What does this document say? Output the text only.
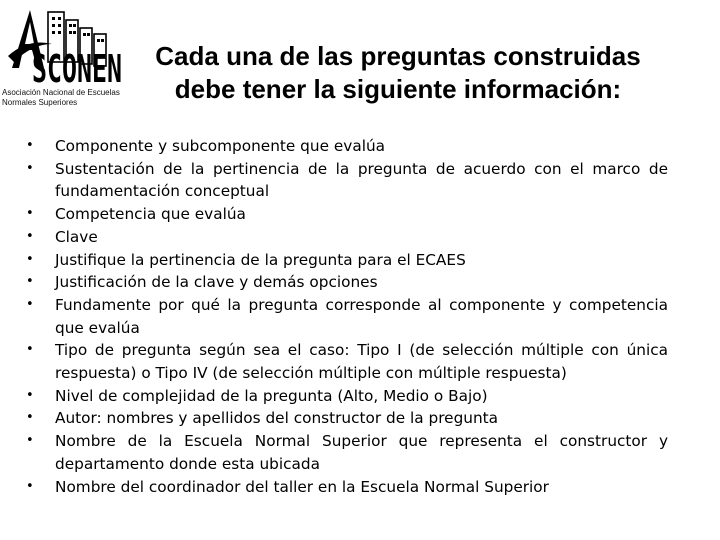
SCONEN
Asociación Nacional de Escuelas
Normales Superiores
Cada una de las preguntas construidas
debe tener la siguiente información:
• Componente y subcomponente que evalúa
• Sustentación de la pertinencia de la pregunta de acuerdo con el marco de fundamentación conceptual
• Competencia que evalúa
• Clave
• Justifique la pertinencia de la pregunta para el ECAES
• Justificación de la clave y demás opciones
• Fundamente por qué la pregunta corresponde al componente y competencia que evalúa
• Tipo de pregunta según sea el caso: Tipo I (de selección múltiple con única respuesta) o Tipo IV (de selección múltiple con múltiple respuesta)
• Nivel de complejidad de la pregunta (Alto, Medio o Bajo)
• Autor: nombres y apellidos del constructor de la pregunta
• Nombre de la Escuela Normal Superior que representa el constructor y departamento donde esta ubicada
• Nombre del coordinador del taller en la Escuela Normal Superior
